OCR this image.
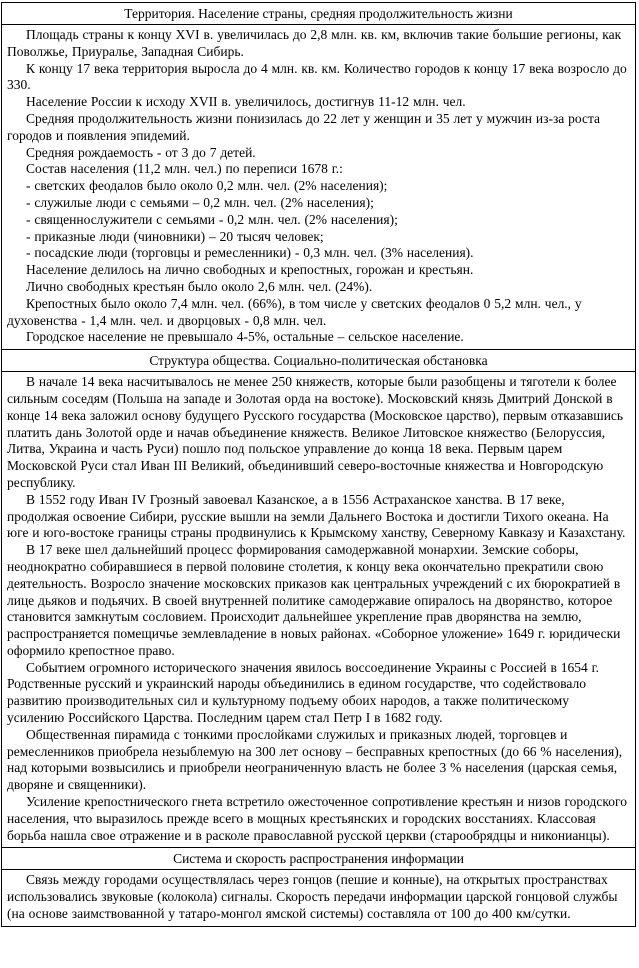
Территория. Население страны, средняя продолжительность жизни

Площадь страны к концу XVI в. увеличилась до 2,8 млн. кв. км, включив такие большие регионы, как Поволжье, Приуралье, Западная Сибирь.

К концу 17 века территория выросла до 4 млн. кв. км. Количество городов к концу 17 века возросло до 330.

Население России к исходу XVII в. увеличилось, достигнув 11-12 млн. чел.

Средняя продолжительность жизни понизилась до 22 лет у женщин и 35 лет у мужчин из-за роста городов и появления эпидемий.

Средняя рождаемость - от 3 до 7 детей.

Состав населения (11,2 млн. чел.) по переписи 1678 г.:

- светских феодалов было около 0,2 млн. чел. (2% населения);

- служилые люди с семьями – 0,2 млн. чел. (2% населения);

- священнослужители с семьями - 0,2 млн. чел. (2% населения);

- приказные люди (чиновники) – 20 тысяч человек;

- посадские люди (торговцы и ремесленники) - 0,3 млн. чел. (3% населения).

Население делилось на лично свободных и крепостных, горожан и крестьян.

Лично свободных крестьян было около 2,6 млн. чел. (24%).

Крепостных было около 7,4 млн. чел. (66%), в том числе у светских феодалов 0 5,2 млн. чел., у духовенства - 1,4 млн. чел. и дворцовых - 0,8 млн. чел.

Городское население не превышало 4-5%, остальные – сельское население.

Структура общества. Социально-политическая обстановка

В начале 14 века насчитывалось не менее 250 княжеств, которые были разобщены и тяготели к более сильным соседям (Польша на западе и Золотая орда на востоке). Московский князь Дмитрий Донской в конце 14 века заложил основу будущего Русского государства (Московское царство), первым отказавшись платить дань Золотой орде и начав объединение княжеств. Великое Литовское княжество (Белоруссия, Литва, Украина и часть Руси) пошло под польское управление до конца 18 века. Первым царем Московской Руси стал Иван III Великий, объединивший северо-восточные княжества и Новгородскую республику.

В 1552 году Иван IV Грозный завоевал Казанское, а в 1556 Астраханское ханства. В 17 веке, продолжая освоение Сибири, русские вышли на земли Дальнего Востока и достигли Тихого океана. На юге и юго-востоке границы страны продвинулись к Крымскому ханству, Северному Кавказу и Казахстану.

В 17 веке шел дальнейший процесс формирования самодержавной монархии. Земские соборы, неоднократно собиравшиеся в первой половине столетия, к концу века окончательно прекратили свою деятельность. Возросло значение московских приказов как центральных учреждений с их бюрократией в лице дьяков и подьячих. В своей внутренней политике самодержавие опиралось на дворянство, которое становится замкнутым сословием. Происходит дальнейшее укрепление прав дворянства на землю, распространяется помещичье землевладение в новых районах. «Соборное уложение» 1649 г. юридически оформило крепостное право.

Событием огромного исторического значения явилось воссоединение Украины с Россией в 1654 г. Родственные русский и украинский народы объединились в едином государстве, что содействовало развитию производительных сил и культурному подъему обоих народов, а также политическому усилению Российского Царства. Последним царем стал Петр I в 1682 году.

Общественная пирамида с тонкими прослойками служилых и приказных людей, торговцев и ремесленников приобрела незыблемую на 300 лет основу – бесправных крепостных (до 66 % населения), над которыми возвысились и приобрели неограниченную власть не более 3 % населения (царская семья, дворяне и священники).

Усиление крепостнического гнета встретило ожесточенное сопротивление крестьян и низов городского населения, что выразилось прежде всего в мощных крестьянских и городских восстаниях. Классовая борьба нашла свое отражение и в расколе православной русской церкви (старообрядцы и никонианцы).

Система и скорость распространения информации

Связь между городами осуществлялась через гонцов (пешие и конные), на открытых пространствах использовались звуковые (колокола) сигналы. Скорость передачи информации царской гонцовой службы (на основе заимствованной у татаро-монгол ямской системы) составляла от 100 до 400 км/сутки.
